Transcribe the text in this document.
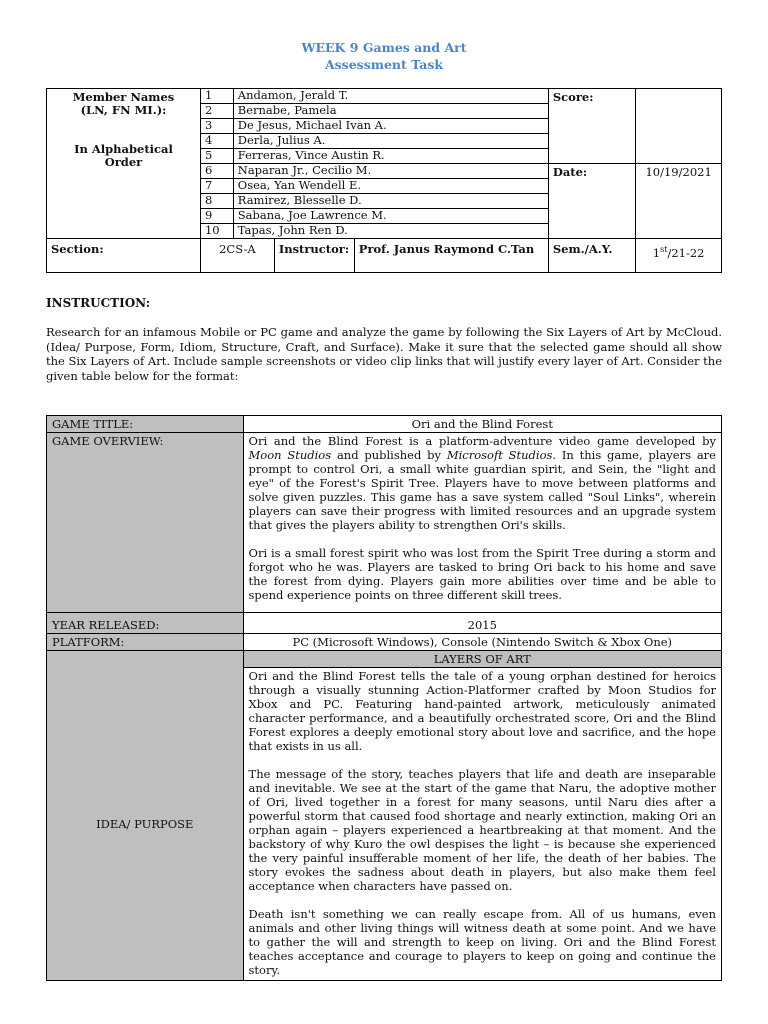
WEEK 9 Games and Art
Assessment Task
Member Names
(LN, FN MI.):
In Alphabetical
Order	1	Andamon, Jerald T.			Score:	
	2	Bernabe, Pamela				
	3	De Jesus, Michael Ivan A.				
	4	Derla, Julius A.				
	5	Ferreras, Vince Austin R.				
	6	Naparan Jr., Cecilio M.			Date:	10/19/2021
	7	Osea, Yan Wendell E.				
	8	Ramirez, Blesselle D.				
	9	Sabana, Joe Lawrence M.				
	10	Tapas, John Ren D.				
Section:	2CS-A		Instructor:	Prof. Janus Raymond C.Tan	Sem./A.Y.	1st/21-22
INSTRUCTION:
Research for an infamous Mobile or PC game and analyze the game by following the Six Layers of Art by McCloud. (Idea/ Purpose, Form, Idiom, Structure, Craft, and Surface). Make it sure that the selected game should all show the Six Layers of Art. Include sample screenshots or video clip links that will justify every layer of Art. Consider the given table below for the format:
GAME TITLE:	Ori and the Blind Forest
GAME OVERVIEW:	Ori and the Blind Forest is a platform-adventure video game developed by Moon Studios and published by Microsoft Studios. In this game, players are prompt to control Ori, a small white guardian spirit, and Sein, the "light and eye" of the Forest's Spirit Tree. Players have to move between platforms and solve given puzzles. This game has a save system called "Soul Links", wherein players can save their progress with limited resources and an upgrade system that gives the players ability to strengthen Ori's skills.

Ori is a small forest spirit who was lost from the Spirit Tree during a storm and forgot who he was. Players are tasked to bring Ori back to his home and save the forest from dying. Players gain more abilities over time and be able to spend experience points on three different skill trees.

YEAR RELEASED:	2015
PLATFORM:	PC (Microsoft Windows), Console (Nintendo Switch & Xbox One)
	LAYERS OF ART
IDEA/ PURPOSE	Ori and the Blind Forest tells the tale of a young orphan destined for heroics through a visually stunning Action-Platformer crafted by Moon Studios for Xbox and PC. Featuring hand-painted artwork, meticulously animated character performance, and a beautifully orchestrated score, Ori and the Blind Forest explores a deeply emotional story about love and sacrifice, and the hope that exists in us all.

The message of the story, teaches players that life and death are inseparable and inevitable. We see at the start of the game that Naru, the adoptive mother of Ori, lived together in a forest for many seasons, until Naru dies after a powerful storm that caused food shortage and nearly extinction, making Ori an orphan again – players experienced a heartbreaking at that moment. And the backstory of why Kuro the owl despises the light – is because she experienced the very painful insufferable moment of her life, the death of her babies. The story evokes the sadness about death in players, but also make them feel acceptance when characters have passed on.

Death isn't something we can really escape from. All of us humans, even animals and other living things will witness death at some point. And we have to gather the will and strength to keep on living. Ori and the Blind Forest teaches acceptance and courage to players to keep on going and continue the story.
